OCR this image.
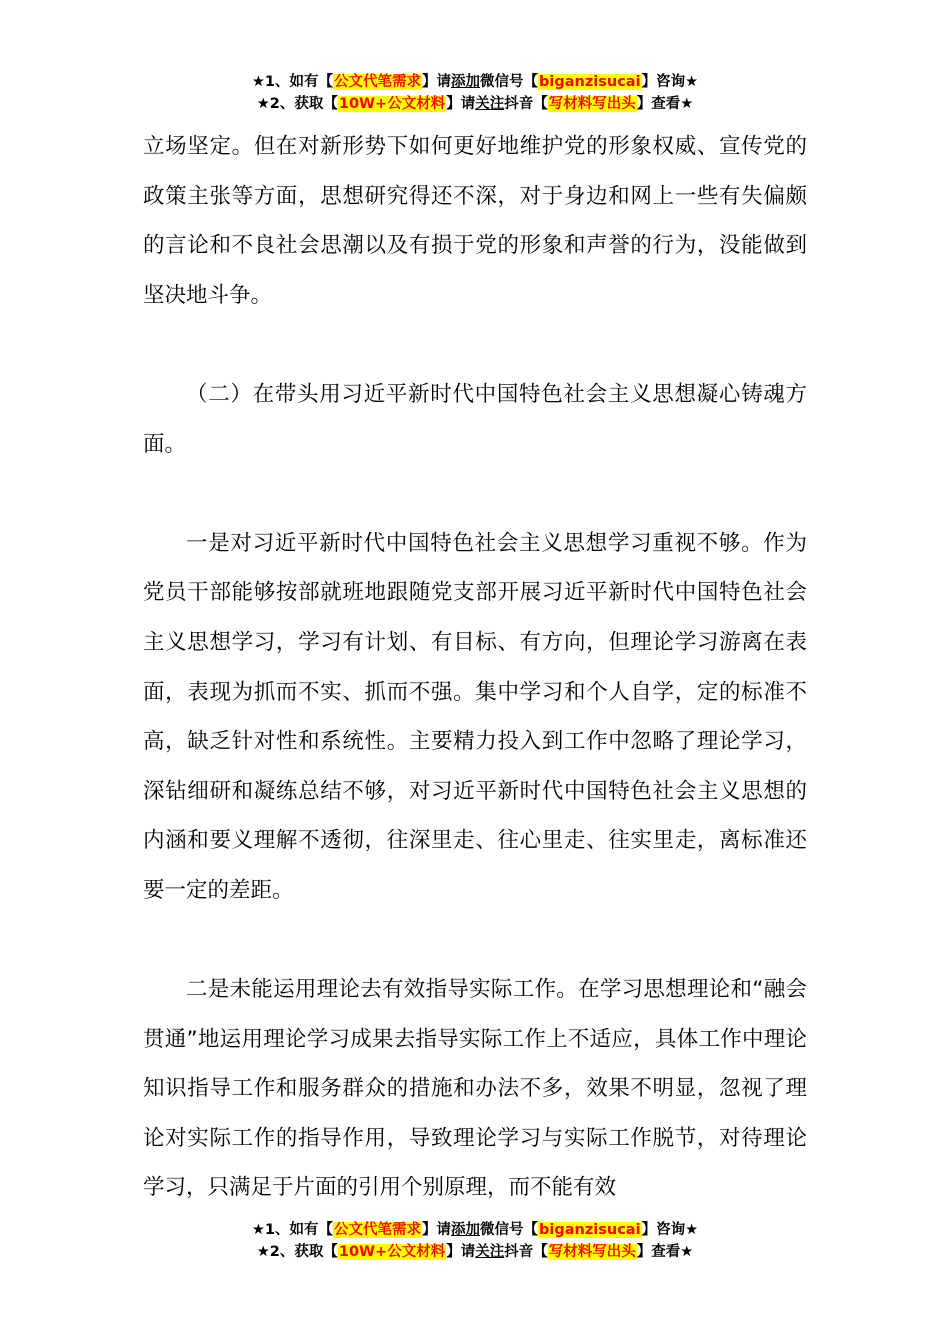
★1、如有【公文代笔需求】请添加微信号【biganzisucai】咨询★
★2、获取【10W+公文材料】请关注抖音【写材料写出头】查看★

立场坚定。但在对新形势下如何更好地维护党的形象权威、宣传党的政策主张等方面，思想研究得还不深，对于身边和网上一些有失偏颇的言论和不良社会思潮以及有损于党的形象和声誉的行为，没能做到坚决地斗争。

（二）在带头用习近平新时代中国特色社会主义思想凝心铸魂方面。

一是对习近平新时代中国特色社会主义思想学习重视不够。作为党员干部能够按部就班地跟随党支部开展习近平新时代中国特色社会主义思想学习，学习有计划、有目标、有方向，但理论学习游离在表面，表现为抓而不实、抓而不强。集中学习和个人自学，定的标准不高，缺乏针对性和系统性。主要精力投入到工作中忽略了理论学习，深钻细研和凝练总结不够，对习近平新时代中国特色社会主义思想的内涵和要义理解不透彻，往深里走、往心里走、往实里走，离标准还要一定的差距。

二是未能运用理论去有效指导实际工作。在学习思想理论和“融会贯通”地运用理论学习成果去指导实际工作上不适应，具体工作中理论知识指导工作和服务群众的措施和办法不多，效果不明显，忽视了理论对实际工作的指导作用，导致理论学习与实际工作脱节，对待理论学习，只满足于片面的引用个别原理，而不能有效

★1、如有【公文代笔需求】请添加微信号【biganzisucai】咨询★
★2、获取【10W+公文材料】请关注抖音【写材料写出头】查看★
